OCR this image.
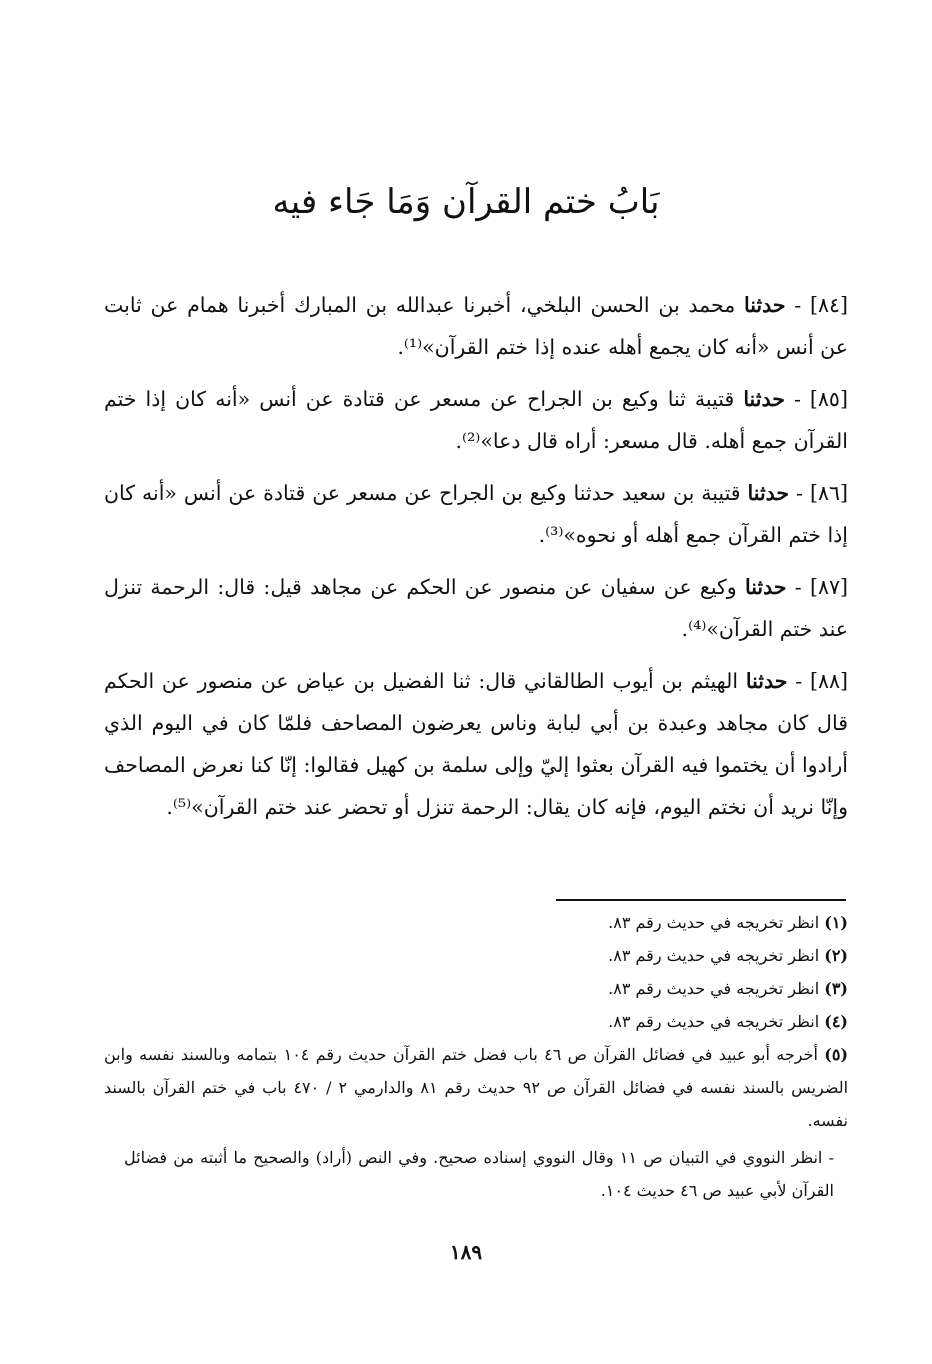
بَابُ ختم القرآن وَمَا جَاء فيه

[٨٤] - حدثنا محمد بن الحسن البلخي، أخبرنا عبدالله بن المبارك أخبرنا همام عن ثابت عن أنس «أنه كان يجمع أهله عنده إذا ختم القرآن»⁽¹⁾.

[٨٥] - حدثنا قتيبة ثنا وكيع بن الجراح عن مسعر عن قتادة عن أنس «أنه كان إذا ختم القرآن جمع أهله. قال مسعر: أراه قال دعا»⁽²⁾.

[٨٦] - حدثنا قتيبة بن سعيد حدثنا وكيع بن الجراح عن مسعر عن قتادة عن أنس «أنه كان إذا ختم القرآن جمع أهله أو نحوه»⁽³⁾.

[٨٧] - حدثنا وكيع عن سفيان عن منصور عن الحكم عن مجاهد قيل: قال: الرحمة تنزل عند ختم القرآن»⁽⁴⁾.

[٨٨] - حدثنا الهيثم بن أيوب الطالقاني قال: ثنا الفضيل بن عياض عن منصور عن الحكم قال كان مجاهد وعبدة بن أبي لبابة وناس يعرضون المصاحف فلمّا كان في اليوم الذي أرادوا أن يختموا فيه القرآن بعثوا إليّ وإلى سلمة بن كهيل فقالوا: إنّا كنا نعرض المصاحف وإنّا نريد أن نختم اليوم، فإنه كان يقال: الرحمة تنزل أو تحضر عند ختم القرآن»⁽⁵⁾.

(١) انظر تخريجه في حديث رقم ٨٣.

(٢) انظر تخريجه في حديث رقم ٨٣.

(٣) انظر تخريجه في حديث رقم ٨٣.

(٤) انظر تخريجه في حديث رقم ٨٣.

(٥) أخرجه أبو عبيد في فضائل القرآن ص ٤٦ باب فضل ختم القرآن حديث رقم ١٠٤ بتمامه وبالسند نفسه وابن الضريس بالسند نفسه في فضائل القرآن ص ٩٢ حديث رقم ٨١ والدارمي ٢ / ٤٧٠ باب في ختم القرآن بالسند نفسه.

- انظر النووي في التبيان ص ١١ وقال النووي إسناده صحيح. وفي النص (أراد) والصحيح ما أثبته من فضائل القرآن لأبي عبيد ص ٤٦ حديث ١٠٤.

١٨٩
